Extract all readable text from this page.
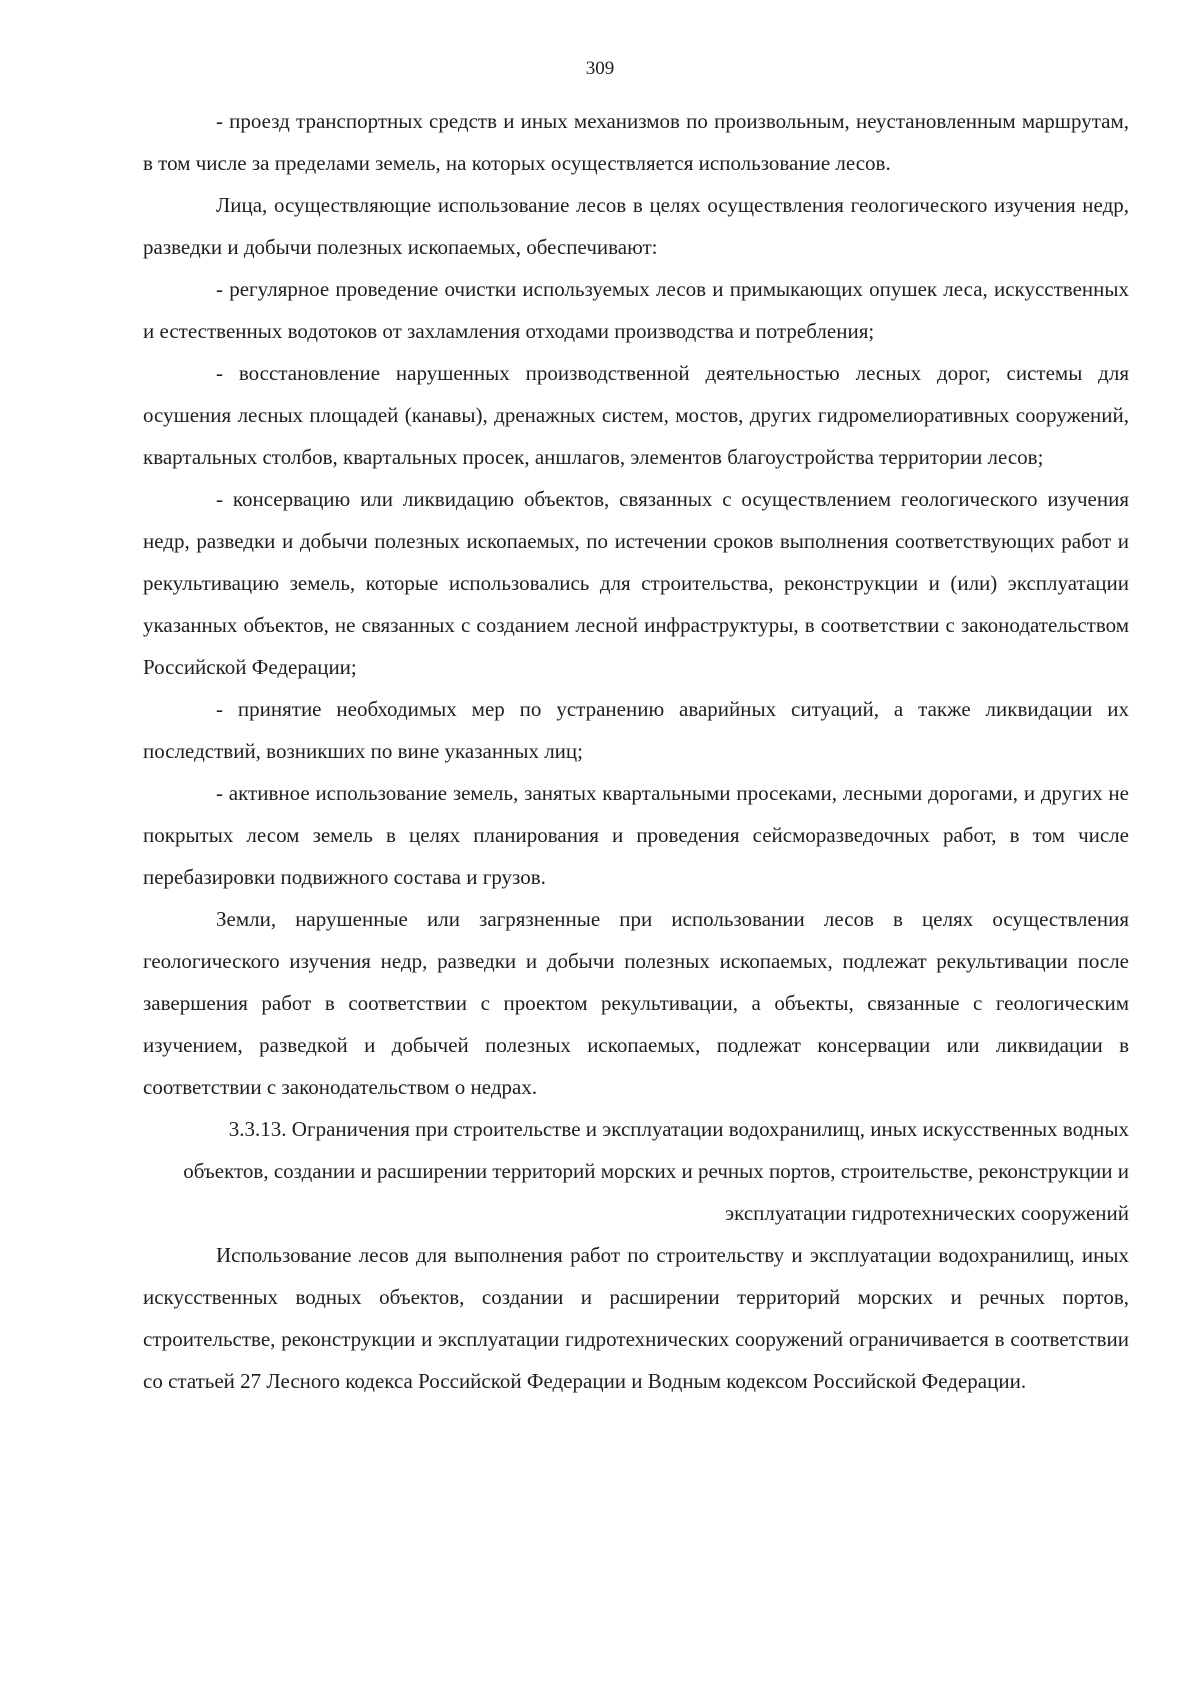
309

- проезд транспортных средств и иных механизмов по произвольным, неустановленным маршрутам, в том числе за пределами земель, на которых осуществляется использование лесов.

Лица, осуществляющие использование лесов в целях осуществления геологического изучения недр, разведки и добычи полезных ископаемых, обеспечивают:

- регулярное проведение очистки используемых лесов и примыкающих опушек леса, искусственных и естественных водотоков от захламления отходами производства и потребления;

- восстановление нарушенных производственной деятельностью лесных дорог, системы для осушения лесных площадей (канавы), дренажных систем, мостов, других гидромелиоративных сооружений, квартальных столбов, квартальных просек, аншлагов, элементов благоустройства территории лесов;

- консервацию или ликвидацию объектов, связанных с осуществлением геологического изучения недр, разведки и добычи полезных ископаемых, по истечении сроков выполнения соответствующих работ и рекультивацию земель, которые использовались для строительства, реконструкции и (или) эксплуатации указанных объектов, не связанных с созданием лесной инфраструктуры, в соответствии с законодательством Российской Федерации;

- принятие необходимых мер по устранению аварийных ситуаций, а также ликвидации их последствий, возникших по вине указанных лиц;

- активное использование земель, занятых квартальными просеками, лесными дорогами, и других не покрытых лесом земель в целях планирования и проведения сейсморазведочных работ, в том числе перебазировки подвижного состава и грузов.

Земли, нарушенные или загрязненные при использовании лесов в целях осуществления геологического изучения недр, разведки и добычи полезных ископаемых, подлежат рекультивации после завершения работ в соответствии с проектом рекультивации, а объекты, связанные с геологическим изучением, разведкой и добычей полезных ископаемых, подлежат консервации или ликвидации в соответствии с законодательством о недрах.

3.3.13. Ограничения при строительстве и эксплуатации водохранилищ, иных искусственных водных объектов, создании и расширении территорий морских и речных портов, строительстве, реконструкции и эксплуатации гидротехнических сооружений

Использование лесов для выполнения работ по строительству и эксплуатации водохранилищ, иных искусственных водных объектов, создании и расширении территорий морских и речных портов, строительстве, реконструкции и эксплуатации гидротехнических сооружений ограничивается в соответствии со статьей 27 Лесного кодекса Российской Федерации и Водным кодексом Российской Федерации.
